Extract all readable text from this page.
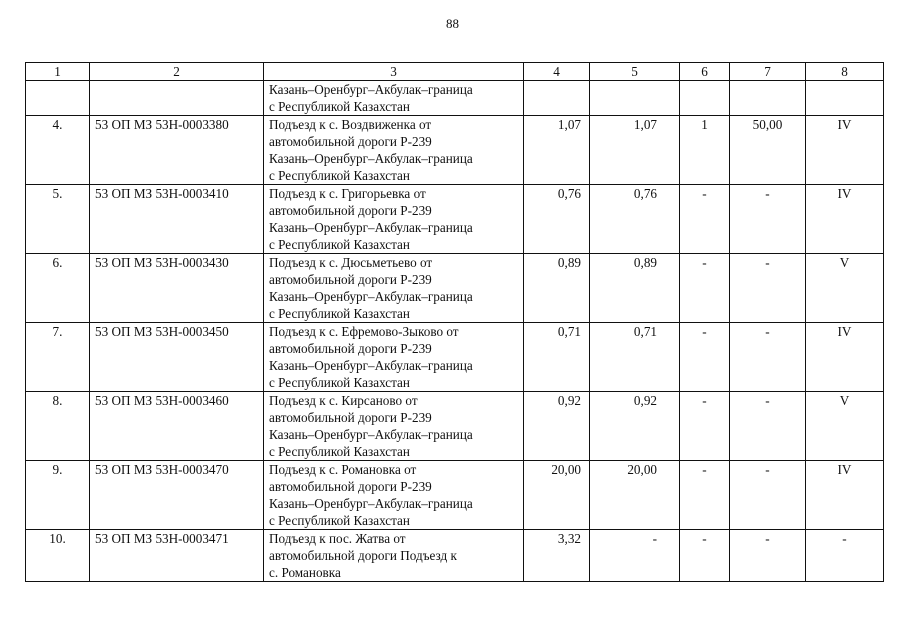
88
1	2	3	4	5	6	7	8
		Казань–Оренбург–Акбулак–граница
с Республикой Казахстан					
4.	53 ОП МЗ 53Н-0003380	Подъезд к с. Воздвиженка от
автомобильной дороги Р-239
Казань–Оренбург–Акбулак–граница
с Республикой Казахстан	1,07	1,07	1	50,00	IV
5.	53 ОП МЗ 53Н-0003410	Подъезд к с. Григорьевка от
автомобильной дороги Р-239
Казань–Оренбург–Акбулак–граница
с Республикой Казахстан	0,76	0,76	-	-	IV
6.	53 ОП МЗ 53Н-0003430	Подъезд к с. Дюсьметьево от
автомобильной дороги Р-239
Казань–Оренбург–Акбулак–граница
с Республикой Казахстан	0,89	0,89	-	-	V
7.	53 ОП МЗ 53Н-0003450	Подъезд к с. Ефремово-Зыково от
автомобильной дороги Р-239
Казань–Оренбург–Акбулак–граница
с Республикой Казахстан	0,71	0,71	-	-	IV
8.	53 ОП МЗ 53Н-0003460	Подъезд к с. Кирсаново от
автомобильной дороги Р-239
Казань–Оренбург–Акбулак–граница
с Республикой Казахстан	0,92	0,92	-	-	V
9.	53 ОП МЗ 53Н-0003470	Подъезд к с. Романовка от
автомобильной дороги Р-239
Казань–Оренбург–Акбулак–граница
с Республикой Казахстан	20,00	20,00	-	-	IV
10.	53 ОП МЗ 53Н-0003471	Подъезд к пос. Жатва от
автомобильной дороги Подъезд к
с. Романовка	3,32	-	-	-	-
